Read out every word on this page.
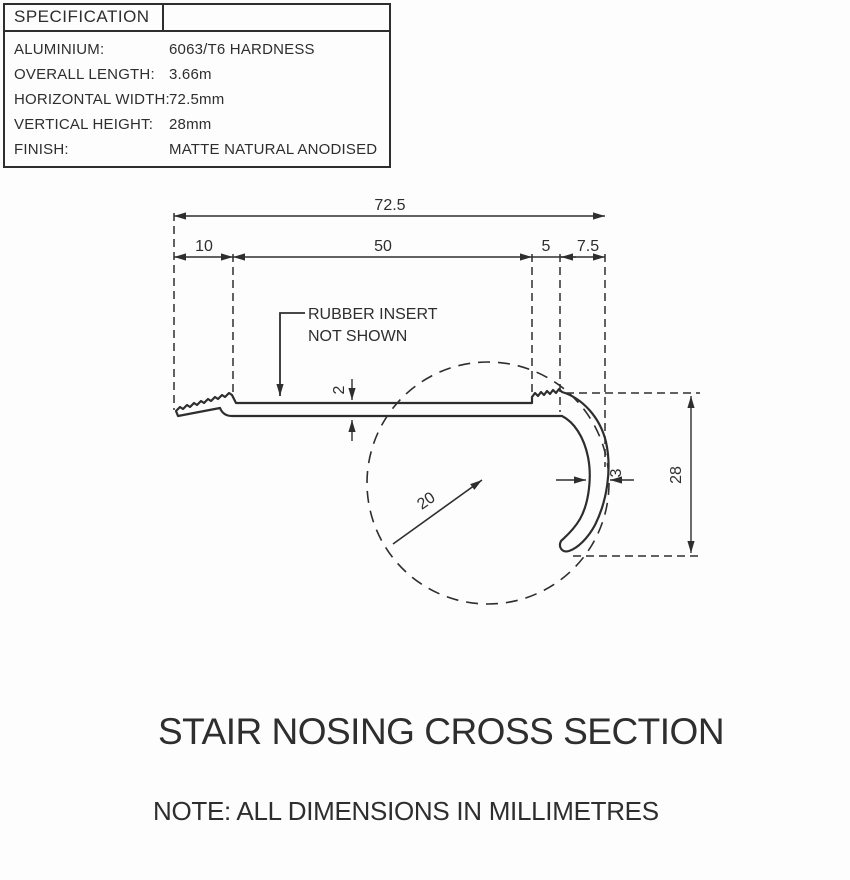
SPECIFICATION
ALUMINIUM:	6063/T6 HARDNESS
OVERALL LENGTH: 3.66m
HORIZONTAL WIDTH: 72.5mm
VERTICAL HEIGHT:	28mm
FINISH:	MATTE NATURAL ANODISED
72.5
10	50	5 7.5
2
3	28
20
RUBBER INSERT
NOT SHOWN
STAIR NOSING CROSS SECTION
NOTE: ALL DIMENSIONS IN MILLIMETRES
